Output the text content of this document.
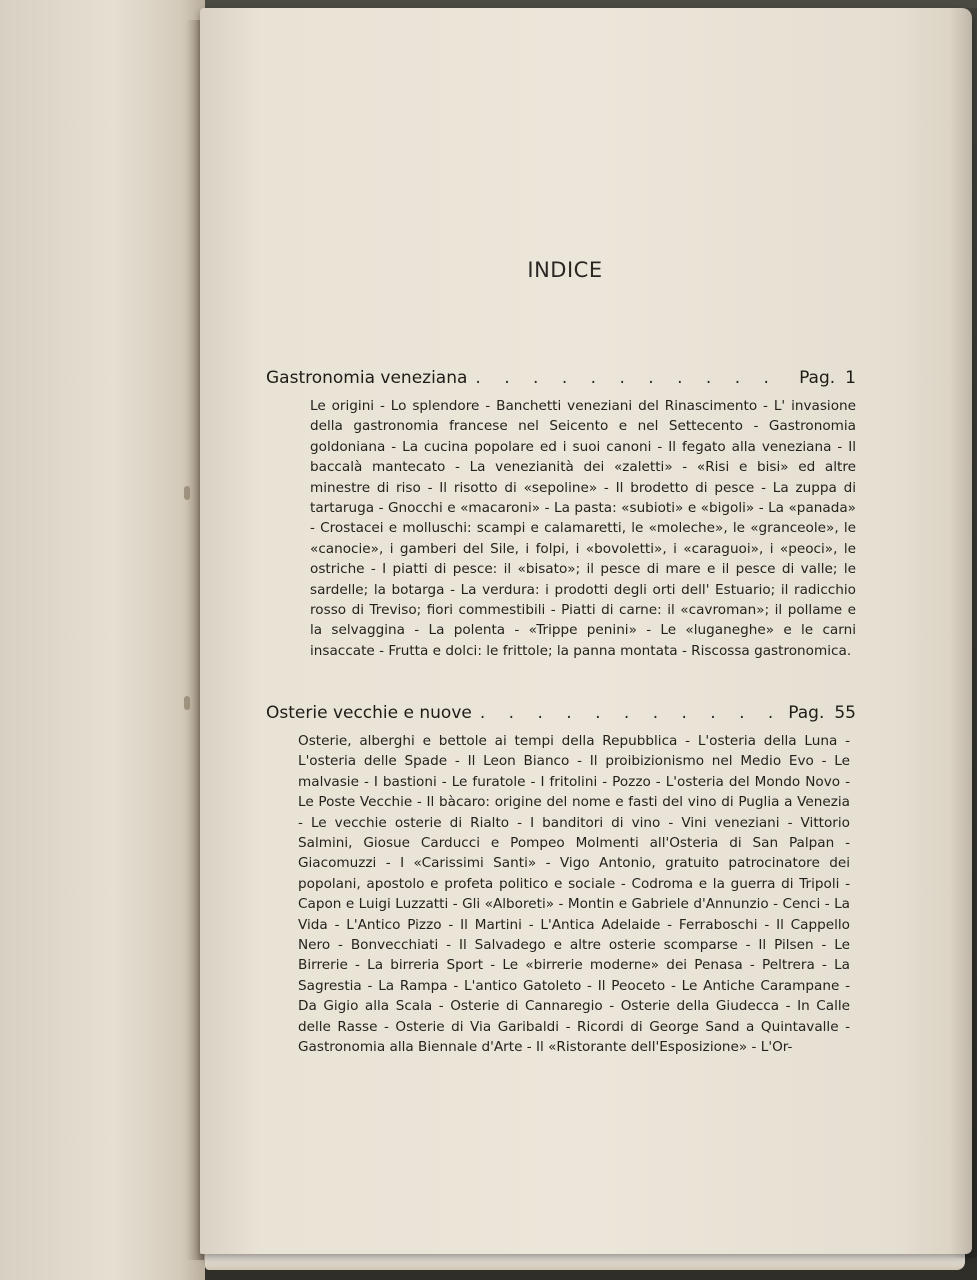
INDICE
Gastronomia veneziana . . .	Pag. 1
Le origini - Lo splendore - Banchetti veneziani del Rinascimento - L' invasione della gastronomia francese nel Seicento e nel Settecento - Gastronomia goldoniana - La cucina popolare ed i suoi canoni - Il fegato alla veneziana - Il baccalà mantecato - La venezianità dei «zaletti» - «Risi e bisi» ed altre minestre di riso - Il risotto di «sepoline» - Il brodetto di pesce - La zuppa di tartaruga - Gnocchi e «macaroni» - La pasta: «subioti» e «bigoli» - La «panada» - Crostacei e molluschi: scampi e calamaretti, le «moleche», le «granceole», le «canocie», i gamberi del Sile, i folpi, i «bovoletti», i «caraguoi», i «peoci», le ostriche - I piatti di pesce: il «bisato»; il pesce di mare e il pesce di valle; le sardelle; la botarga - La verdura: i prodotti degli orti dell' Estuario; il radicchio rosso di Treviso; fiori commestibili - Piatti di carne: il «cavroman»; il pollame e la selvaggina - La polenta - «Trippe penini» - Le «luganeghe» e le carni insaccate - Frutta e dolci: le frittole; la panna montata - Riscossa gastronomica.
Osterie vecchie e nuove . . .	Pag. 55
Osterie, alberghi e bettole ai tempi della Repubblica - L'osteria della Luna - L'osteria delle Spade - Il Leon Bianco - Il proibizionismo nel Medio Evo - Le malvasie - I bastioni - Le furatole - I fritolini - Pozzo - L'osteria del Mondo Novo - Le Poste Vecchie - Il bàcaro: origine del nome e fasti del vino di Puglia a Venezia - Le vecchie osterie di Rialto - I banditori di vino - Vini veneziani - Vittorio Salmini, Giosue Carducci e Pompeo Molmenti all'Osteria di San Palpan - Giacomuzzi - I «Carissimi Santi» - Vigo Antonio, gratuito patrocinatore dei popolani, apostolo e profeta politico e sociale - Codroma e la guerra di Tripoli - Capon e Luigi Luzzatti - Gli «Alboreti» - Montin e Gabriele d'Annunzio - Cenci - La Vida - L'Antico Pizzo - Il Martini - L'Antica Adelaide - Ferraboschi - Il Cappello Nero - Bonvecchiati - Il Salvadego e altre osterie scomparse - Il Pilsen - Le Birrerie - La birreria Sport - Le «birrerie moderne» dei Penasa - Peltrera - La Sagrestia - La Rampa - L'antico Gatoleto - Il Peoceto - Le Antiche Carampane - Da Gigio alla Scala - Osterie di Cannaregio - Osterie della Giudecca - In Calle delle Rasse - Osterie di Via Garibaldi - Ricordi di George Sand a Quintavalle - Gastronomia alla Biennale d'Arte - Il «Ristorante dell'Esposizione» - L'Or-
